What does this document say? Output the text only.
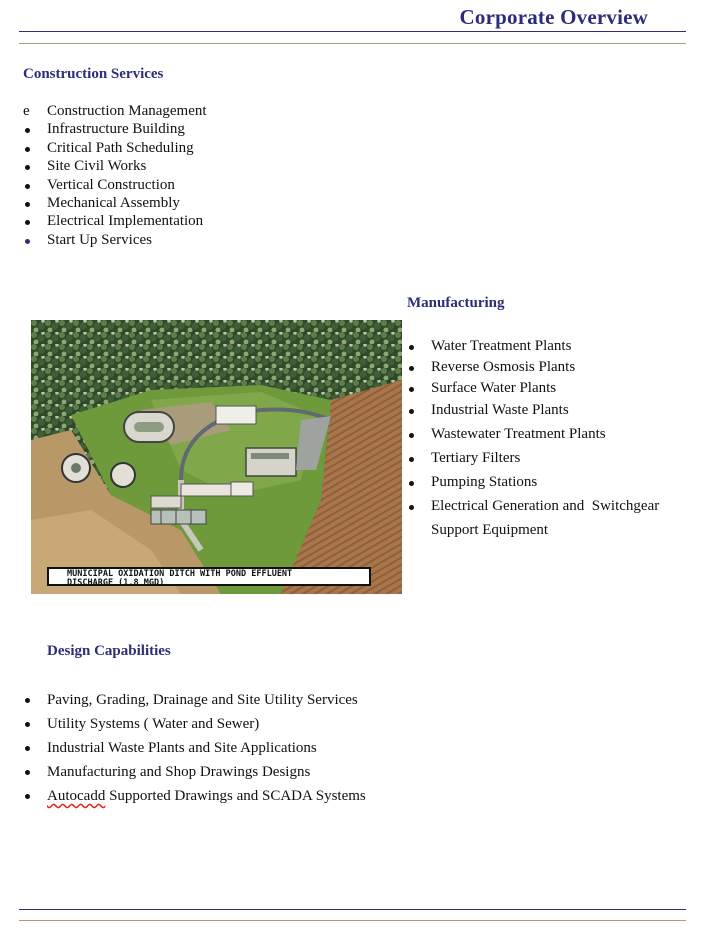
Corporate Overview
Construction Services
e	Construction Management
Infrastructure Building
Critical Path Scheduling
Site Civil Works
Vertical Construction
Mechanical Assembly
Electrical Implementation
Start Up Services
Manufacturing
Water Treatment Plants
Reverse Osmosis Plants
Surface Water Plants
Industrial Waste Plants
Wastewater Treatment Plants
Tertiary Filters
Pumping Stations
Electrical Generation and  Switchgear
Support Equipment
MUNICIPAL OXIDATION DITCH WITH POND EFFLUENT
DISCHARGE (1.8 MGD)
Design Capabilities
Paving, Grading, Drainage and Site Utility Services
Utility Systems ( Water and Sewer)
Industrial Waste Plants and Site Applications
Manufacturing and Shop Drawings Designs
Autocadd Supported Drawings and SCADA Systems
